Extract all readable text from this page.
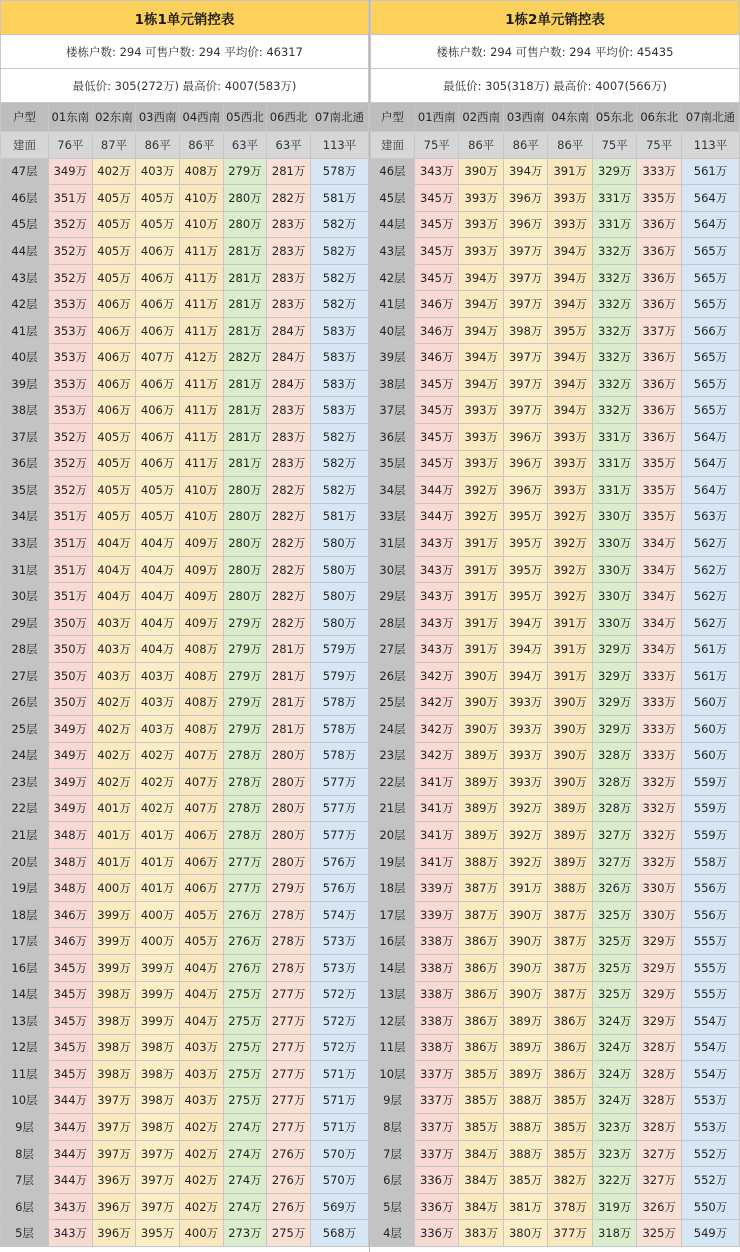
1栋1单元销控表							
楼栋户数: 294 可售户数: 294 平均价: 46317							
最低价: 305(272万) 最高价: 4007(583万)							
户型	01东南	02东南	03西南	04西南	05西北	06西北	07南北通
建面	76平	87平	86平	86平	63平	63平	113平
47层	349万	402万	403万	408万	279万	281万	578万
46层	351万	405万	405万	410万	280万	282万	581万
45层	352万	405万	405万	410万	280万	283万	582万
44层	352万	405万	406万	411万	281万	283万	582万
43层	352万	405万	406万	411万	281万	283万	582万
42层	353万	406万	406万	411万	281万	283万	582万
41层	353万	406万	406万	411万	281万	284万	583万
40层	353万	406万	407万	412万	282万	284万	583万
39层	353万	406万	406万	411万	281万	284万	583万
38层	353万	406万	406万	411万	281万	283万	583万
37层	352万	405万	406万	411万	281万	283万	582万
36层	352万	405万	406万	411万	281万	283万	582万
35层	352万	405万	405万	410万	280万	282万	582万
34层	351万	405万	405万	410万	280万	282万	581万
33层	351万	404万	404万	409万	280万	282万	580万
31层	351万	404万	404万	409万	280万	282万	580万
30层	351万	404万	404万	409万	280万	282万	580万
29层	350万	403万	404万	409万	279万	282万	580万
28层	350万	403万	404万	408万	279万	281万	579万
27层	350万	403万	403万	408万	279万	281万	579万
26层	350万	402万	403万	408万	279万	281万	578万
25层	349万	402万	403万	408万	279万	281万	578万
24层	349万	402万	402万	407万	278万	280万	578万
23层	349万	402万	402万	407万	278万	280万	577万
22层	349万	401万	402万	407万	278万	280万	577万
21层	348万	401万	401万	406万	278万	280万	577万
20层	348万	401万	401万	406万	277万	280万	576万
19层	348万	400万	401万	406万	277万	279万	576万
18层	346万	399万	400万	405万	276万	278万	574万
17层	346万	399万	400万	405万	276万	278万	573万
16层	345万	399万	399万	404万	276万	278万	573万
14层	345万	398万	399万	404万	275万	277万	572万
13层	345万	398万	399万	404万	275万	277万	572万
12层	345万	398万	398万	403万	275万	277万	572万
11层	345万	398万	398万	403万	275万	277万	571万
10层	344万	397万	398万	403万	275万	277万	571万
9层	344万	397万	398万	402万	274万	277万	571万
8层	344万	397万	397万	402万	274万	276万	570万
7层	344万	396万	397万	402万	274万	276万	570万
6层	343万	396万	397万	402万	274万	276万	569万
5层	343万	396万	395万	400万	273万	275万	568万
1栋2单元销控表							
楼栋户数: 294 可售户数: 294 平均价: 45435							
最低价: 305(318万) 最高价: 4007(566万)							
户型	01西南	02西南	03西南	04东南	05东北	06东北	07南北通
建面	75平	86平	86平	86平	75平	75平	113平
46层	343万	390万	394万	391万	329万	333万	561万
45层	345万	393万	396万	393万	331万	335万	564万
44层	345万	393万	396万	393万	331万	336万	564万
43层	345万	393万	397万	394万	332万	336万	565万
42层	345万	394万	397万	394万	332万	336万	565万
41层	346万	394万	397万	394万	332万	336万	565万
40层	346万	394万	398万	395万	332万	337万	566万
39层	346万	394万	397万	394万	332万	336万	565万
38层	345万	394万	397万	394万	332万	336万	565万
37层	345万	393万	397万	394万	332万	336万	565万
36层	345万	393万	396万	393万	331万	336万	564万
35层	345万	393万	396万	393万	331万	335万	564万
34层	344万	392万	396万	393万	331万	335万	564万
33层	344万	392万	395万	392万	330万	335万	563万
31层	343万	391万	395万	392万	330万	334万	562万
30层	343万	391万	395万	392万	330万	334万	562万
29层	343万	391万	395万	392万	330万	334万	562万
28层	343万	391万	394万	391万	330万	334万	562万
27层	343万	391万	394万	391万	329万	334万	561万
26层	342万	390万	394万	391万	329万	333万	561万
25层	342万	390万	393万	390万	329万	333万	560万
24层	342万	390万	393万	390万	329万	333万	560万
23层	342万	389万	393万	390万	328万	333万	560万
22层	341万	389万	393万	390万	328万	332万	559万
21层	341万	389万	392万	389万	328万	332万	559万
20层	341万	389万	392万	389万	327万	332万	559万
19层	341万	388万	392万	389万	327万	332万	558万
18层	339万	387万	391万	388万	326万	330万	556万
17层	339万	387万	390万	387万	325万	330万	556万
16层	338万	386万	390万	387万	325万	329万	555万
14层	338万	386万	390万	387万	325万	329万	555万
13层	338万	386万	390万	387万	325万	329万	555万
12层	338万	386万	389万	386万	324万	329万	554万
11层	338万	386万	389万	386万	324万	328万	554万
10层	337万	385万	389万	386万	324万	328万	554万
9层	337万	385万	388万	385万	324万	328万	553万
8层	337万	385万	388万	385万	323万	328万	553万
7层	337万	384万	388万	385万	323万	327万	552万
6层	336万	384万	385万	382万	322万	327万	552万
5层	336万	384万	381万	378万	319万	326万	550万
4层	336万	383万	380万	377万	318万	325万	549万
